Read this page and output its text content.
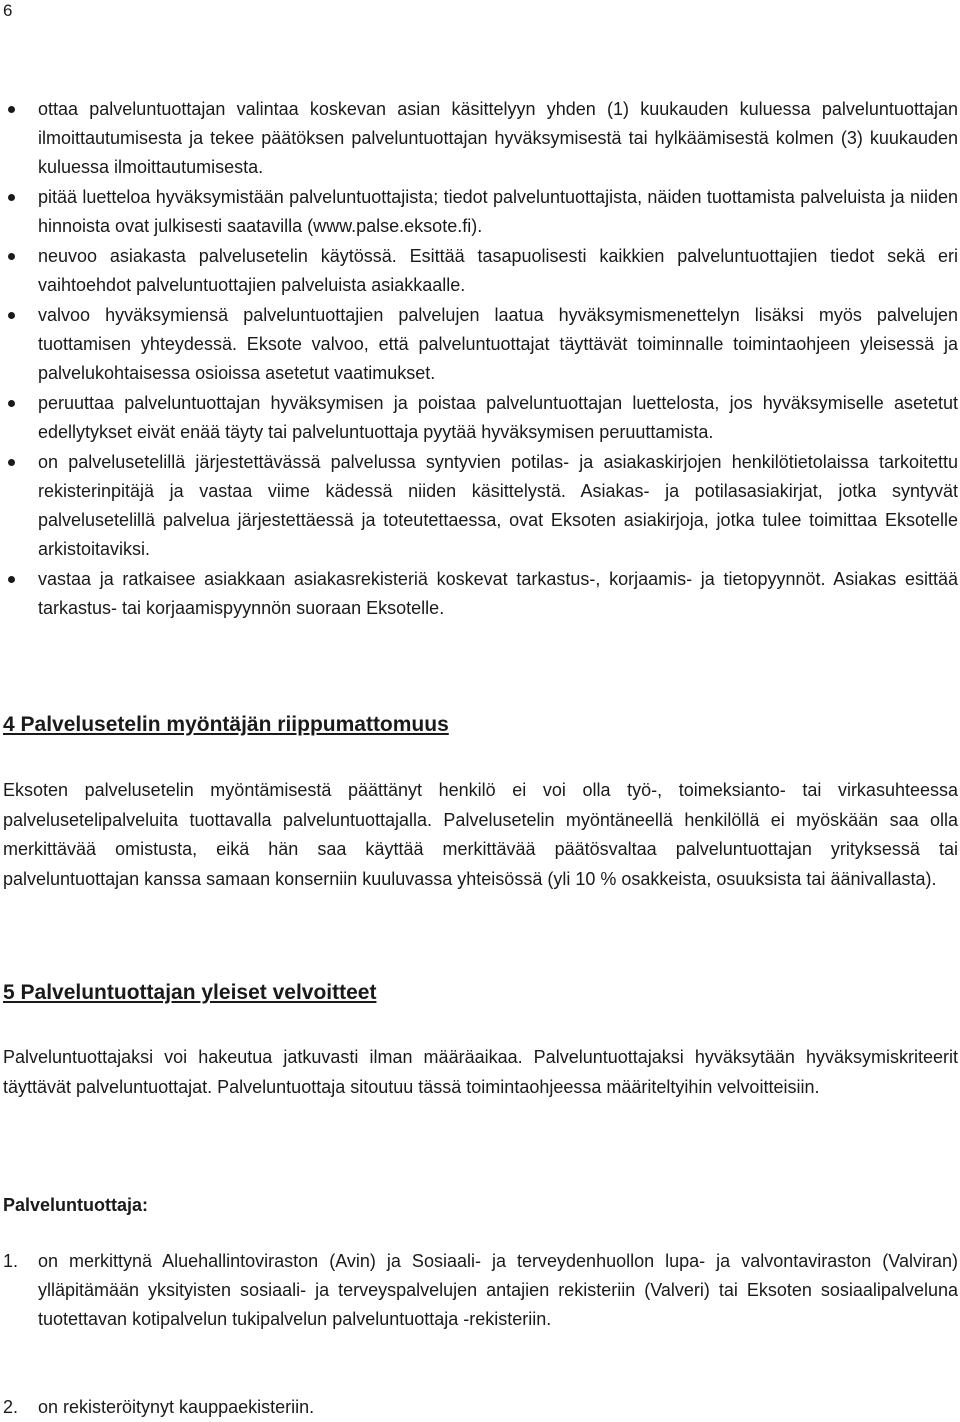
6
ottaa palveluntuottajan valintaa koskevan asian käsittelyyn yhden (1) kuukauden kuluessa palveluntuottajan ilmoittautumisesta ja tekee päätöksen palveluntuottajan hyväksymisestä tai hylkäämisestä kolmen (3) kuukauden kuluessa ilmoittautumisesta.
pitää luetteloa hyväksymistään palveluntuottajista; tiedot palveluntuottajista, näiden tuottamista palveluista ja niiden hinnoista ovat julkisesti saatavilla (www.palse.eksote.fi).
neuvoo asiakasta palvelusetelin käytössä. Esittää tasapuolisesti kaikkien palveluntuottajien tiedot sekä eri vaihtoehdot palveluntuottajien palveluista asiakkaalle.
valvoo hyväksymiensä palveluntuottajien palvelujen laatua hyväksymismenettelyn lisäksi myös palvelujen tuottamisen yhteydessä. Eksote valvoo, että palveluntuottajat täyttävät toiminnalle toimintaohjeen yleisessä ja palvelukohtaisessa osioissa asetetut vaatimukset.
peruuttaa palveluntuottajan hyväksymisen ja poistaa palveluntuottajan luettelosta, jos hyväksymiselle asetetut edellytykset eivät enää täyty tai palveluntuottaja pyytää hyväksymisen peruuttamista.
on palvelusetelillä järjestettävässä palvelussa syntyvien potilas- ja asiakaskirjojen henkilötietolaissa tarkoitettu rekisterinpitäjä ja vastaa viime kädessä niiden käsittelystä. Asiakas- ja potilasasiakirjat, jotka syntyvät palvelusetelillä palvelua järjestettäessä ja toteutettaessa, ovat Eksoten asiakirjoja, jotka tulee toimittaa Eksotelle arkistoitaviksi.
vastaa ja ratkaisee asiakkaan asiakasrekisteriä koskevat tarkastus-, korjaamis- ja tietopyynnöt. Asiakas esittää tarkastus- tai korjaamispyynnön suoraan Eksotelle.
4 Palvelusetelin myöntäjän riippumattomuus

Eksoten palvelusetelin myöntämisestä päättänyt henkilö ei voi olla työ-, toimeksianto- tai virkasuhteessa palvelusetelipalveluita tuottavalla palveluntuottajalla. Palvelusetelin myöntäneellä henkilöllä ei myöskään saa olla merkittävää omistusta, eikä hän saa käyttää merkittävää päätösvaltaa palveluntuottajan yrityksessä tai palveluntuottajan kanssa samaan konserniin kuuluvassa yhteisössä (yli 10 % osakkeista, osuuksista tai äänivallasta).

5 Palveluntuottajan yleiset velvoitteet

Palveluntuottajaksi voi hakeutua jatkuvasti ilman määräaikaa. Palveluntuottajaksi hyväksytään hyväksymiskriteerit täyttävät palveluntuottajat. Palveluntuottaja sitoutuu tässä toimintaohjeessa määriteltyihin velvoitteisiin.

Palveluntuottaja:

1. on merkittynä Aluehallintoviraston (Avin) ja Sosiaali- ja terveydenhuollon lupa- ja valvontaviraston (Valviran) ylläpitämään yksityisten sosiaali- ja terveyspalvelujen antajien rekisteriin (Valveri) tai Eksoten sosiaalipalveluna tuotettavan kotipalvelun tukipalvelun palveluntuottaja -rekisteriin.

2. on rekisteröitynyt kauppaekisteriin.
